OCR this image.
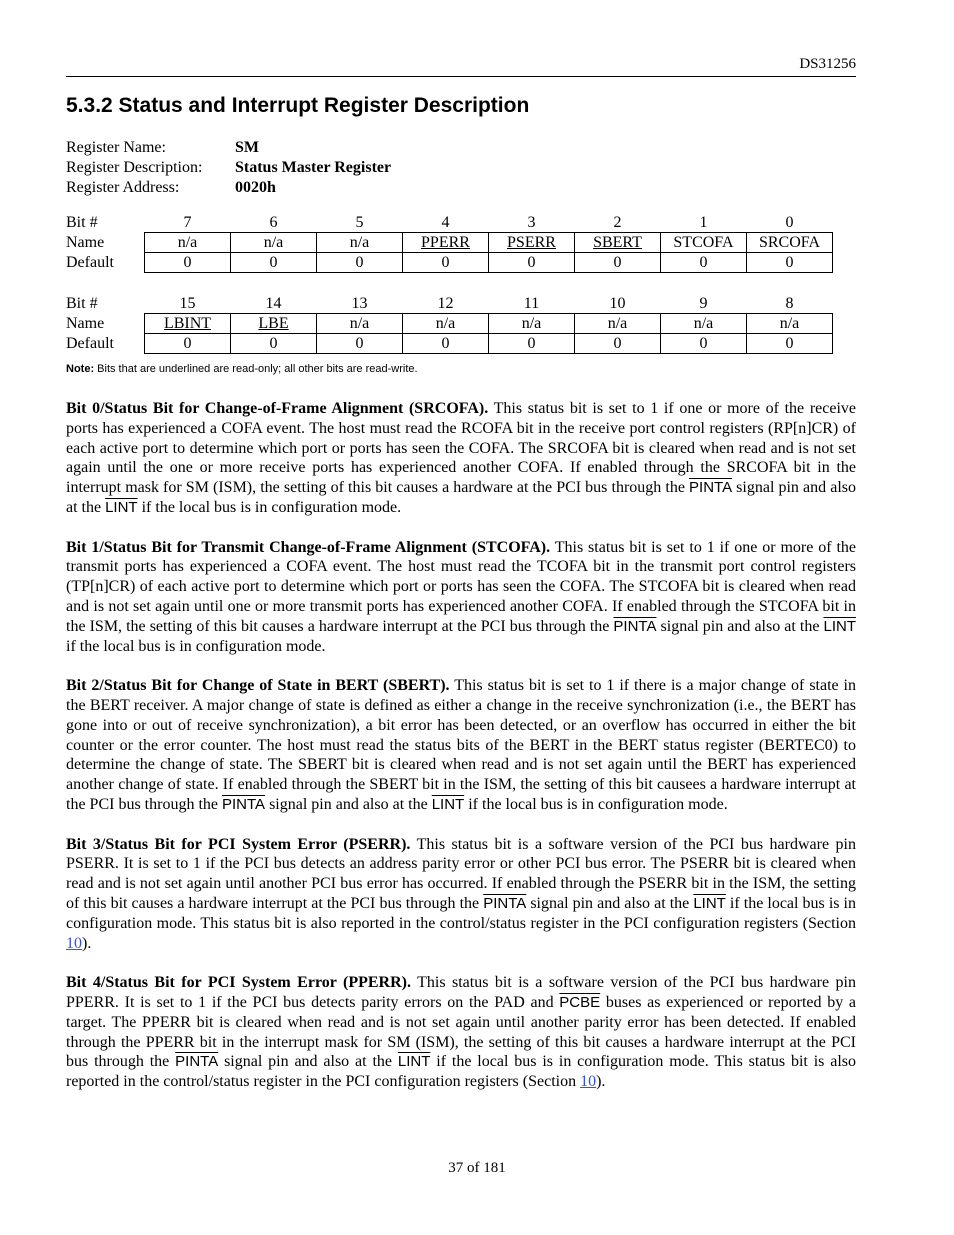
DS31256
5.3.2 Status and Interrupt Register Description
Register Name:	SM
Register Description:	Status Master Register
Register Address:	0020h
Bit #	7	6	5	4	3	2	1	0
Name	n/a	n/a	n/a	PPERR	PSERR	SBERT	STCOFA	SRCOFA
Default	0	0	0	0	0	0	0	0
Bit #	15	14	13	12	11	10	9	8
Name	LBINT	LBE	n/a	n/a	n/a	n/a	n/a	n/a
Default	0	0	0	0	0	0	0	0
Note: Bits that are underlined are read-only; all other bits are read-write.

Bit 0/Status Bit for Change-of-Frame Alignment (SRCOFA). This status bit is set to 1 if one or more of the receive ports has experienced a COFA event. The host must read the RCOFA bit in the receive port control registers (RP[n]CR) of each active port to determine which port or ports has seen the COFA. The SRCOFA bit is cleared when read and is not set again until the one or more receive ports has experienced another COFA. If enabled through the SRCOFA bit in the interrupt mask for SM (ISM), the setting of this bit causes a hardware at the PCI bus through the PINTA signal pin and also at the LINT if the local bus is in configuration mode.

Bit 1/Status Bit for Transmit Change-of-Frame Alignment (STCOFA). This status bit is set to 1 if one or more of the transmit ports has experienced a COFA event. The host must read the TCOFA bit in the transmit port control registers (TP[n]CR) of each active port to determine which port or ports has seen the COFA. The STCOFA bit is cleared when read and is not set again until one or more transmit ports has experienced another COFA. If enabled through the STCOFA bit in the ISM, the setting of this bit causes a hardware interrupt at the PCI bus through the PINTA signal pin and also at the LINT if the local bus is in configuration mode.

Bit 2/Status Bit for Change of State in BERT (SBERT). This status bit is set to 1 if there is a major change of state in the BERT receiver. A major change of state is defined as either a change in the receive synchronization (i.e., the BERT has gone into or out of receive synchronization), a bit error has been detected, or an overflow has occurred in either the bit counter or the error counter. The host must read the status bits of the BERT in the BERT status register (BERTEC0) to determine the change of state. The SBERT bit is cleared when read and is not set again until the BERT has experienced another change of state. If enabled through the SBERT bit in the ISM, the setting of this bit causees a hardware interrupt at the PCI bus through the PINTA signal pin and also at the LINT if the local bus is in configuration mode.

Bit 3/Status Bit for PCI System Error (PSERR). This status bit is a software version of the PCI bus hardware pin PSERR. It is set to 1 if the PCI bus detects an address parity error or other PCI bus error. The PSERR bit is cleared when read and is not set again until another PCI bus error has occurred. If enabled through the PSERR bit in the ISM, the setting of this bit causes a hardware interrupt at the PCI bus through the PINTA signal pin and also at the LINT if the local bus is in configuration mode. This status bit is also reported in the control/status register in the PCI configuration registers (Section 10).

Bit 4/Status Bit for PCI System Error (PPERR). This status bit is a software version of the PCI bus hardware pin PPERR. It is set to 1 if the PCI bus detects parity errors on the PAD and PCBE buses as experienced or reported by a target. The PPERR bit is cleared when read and is not set again until another parity error has been detected. If enabled through the PPERR bit in the interrupt mask for SM (ISM), the setting of this bit causes a hardware interrupt at the PCI bus through the PINTA signal pin and also at the LINT if the local bus is in configuration mode. This status bit is also reported in the control/status register in the PCI configuration registers (Section 10).

37 of 181
